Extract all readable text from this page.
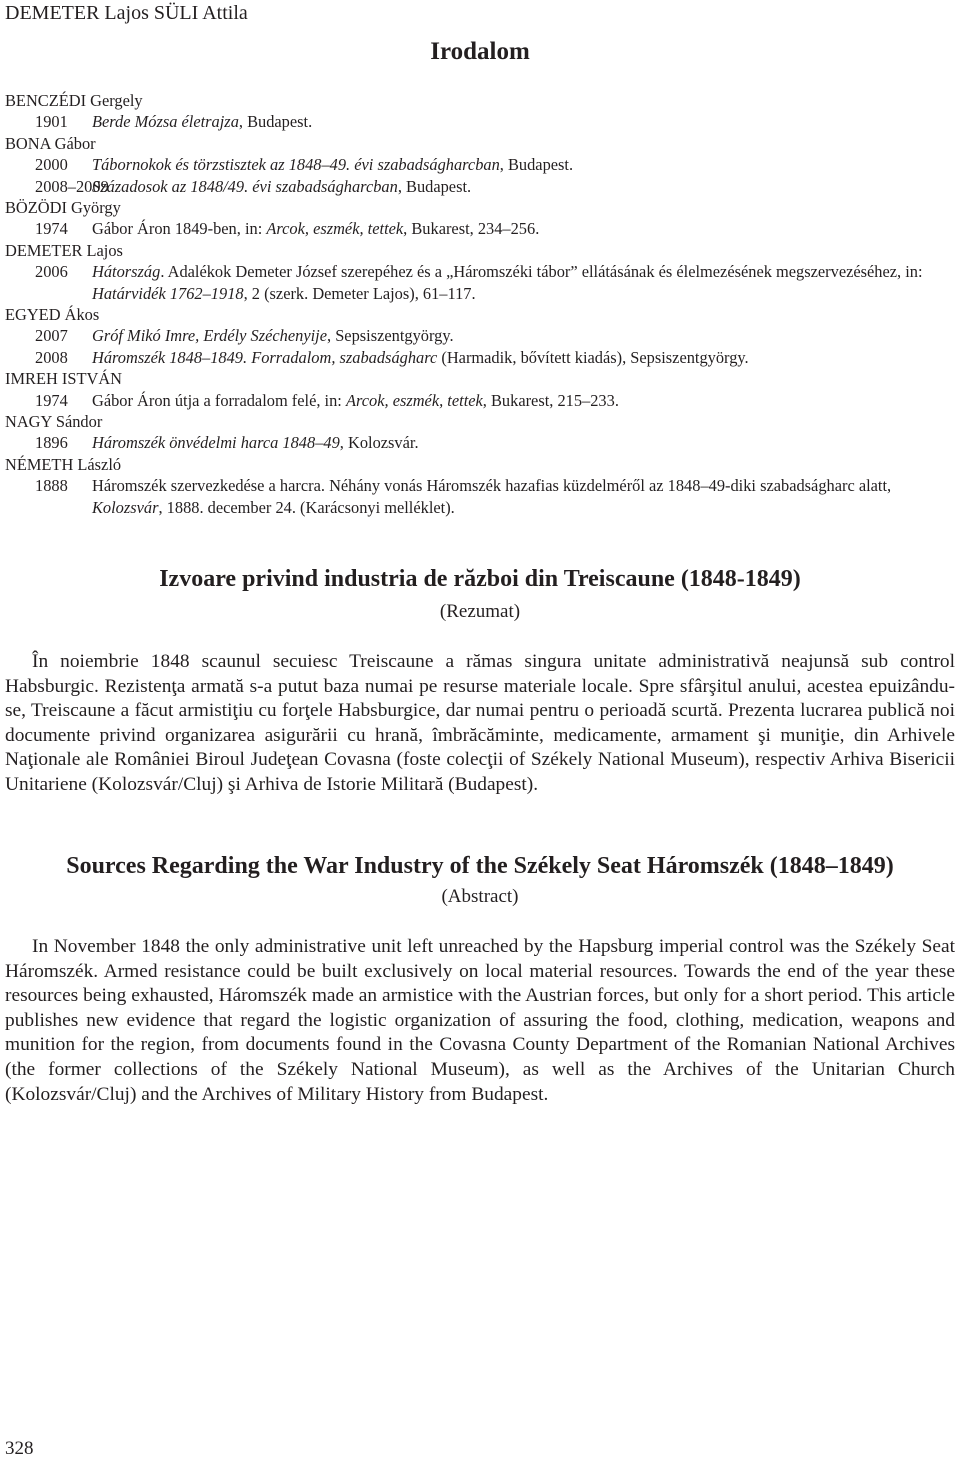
DEMETER Lajos SÜLI Attila
Irodalom
BENCZÉDI Gergely
1901 Berde Mózsa életrajza, Budapest.
BONA Gábor
2000 Tábornokok és törzstisztek az 1848–49. évi szabadságharcban, Budapest.
2008–2009
Századosok az 1848/49. évi szabadságharcban, Budapest.
BÖZÖDI György
1974 Gábor Áron 1849-ben, in: Arcok, eszmék, tettek, Bukarest, 234–256.
DEMETER Lajos
2006 Hátország. Adalékok Demeter József szerepéhez és a „Háromszéki tábor” ellátásának és élelmezésének megszervezéséhez, in: Határvidék 1762–1918, 2 (szerk. Demeter Lajos), 61–117.
EGYED Ákos
2007 Gróf Mikó Imre, Erdély Széchenyije, Sepsiszentgyörgy.
2008 Háromszék 1848–1849. Forradalom, szabadságharc (Harmadik, bővített kiadás), Sepsiszentgyörgy.
IMREH ISTVÁN
1974 Gábor Áron útja a forradalom felé, in: Arcok, eszmék, tettek, Bukarest, 215–233.
NAGY Sándor
1896 Háromszék önvédelmi harca 1848–49, Kolozsvár.
NÉMETH László
1888 Háromszék szervezkedése a harcra. Néhány vonás Háromszék hazafias küzdelméről az 1848–49-diki szabadságharc alatt, Kolozsvár, 1888. december 24. (Karácsonyi melléklet).
Izvoare privind industria de război din Treiscaune (1848-1849)
(Rezumat)

În noiembrie 1848 scaunul secuiesc Treiscaune a rămas singura unitate administrativă neajunsă sub control Habsburgic. Rezistenţa armată s-a putut baza numai pe resurse materiale locale. Spre sfârşitul anului, acestea epuizându-se, Treiscaune a făcut armistiţiu cu forţele Habsburgice, dar numai pentru o perioadă scurtă. Prezenta lucrarea publică noi documente privind organizarea asigurării cu hrană, îmbrăcăminte, medicamente, armament şi muniţie, din Arhivele Naţionale ale României Biroul Judeţean Covasna (foste colecţii of Székely National Museum), respectiv Arhiva Bisericii Unitariene (Kolozsvár/Cluj) şi Arhiva de Istorie Militară (Budapest).

Sources Regarding the War Industry of the Székely Seat Háromszék (1848–1849)
(Abstract)

In November 1848 the only administrative unit left unreached by the Hapsburg imperial control was the Székely Seat Háromszék. Armed resistance could be built exclusively on local material resources. Towards the end of the year these resources being exhausted, Háromszék made an armistice with the Austrian forces, but only for a short period. This article publishes new evidence that regard the logistic organization of assuring the food, clothing, medication, weapons and munition for the region, from documents found in the Covasna County Department of the Romanian National Archives (the former collections of the Székely National Museum), as well as the Archives of the Unitarian Church (Kolozsvár/Cluj) and the Archives of Military History from Budapest.

328
